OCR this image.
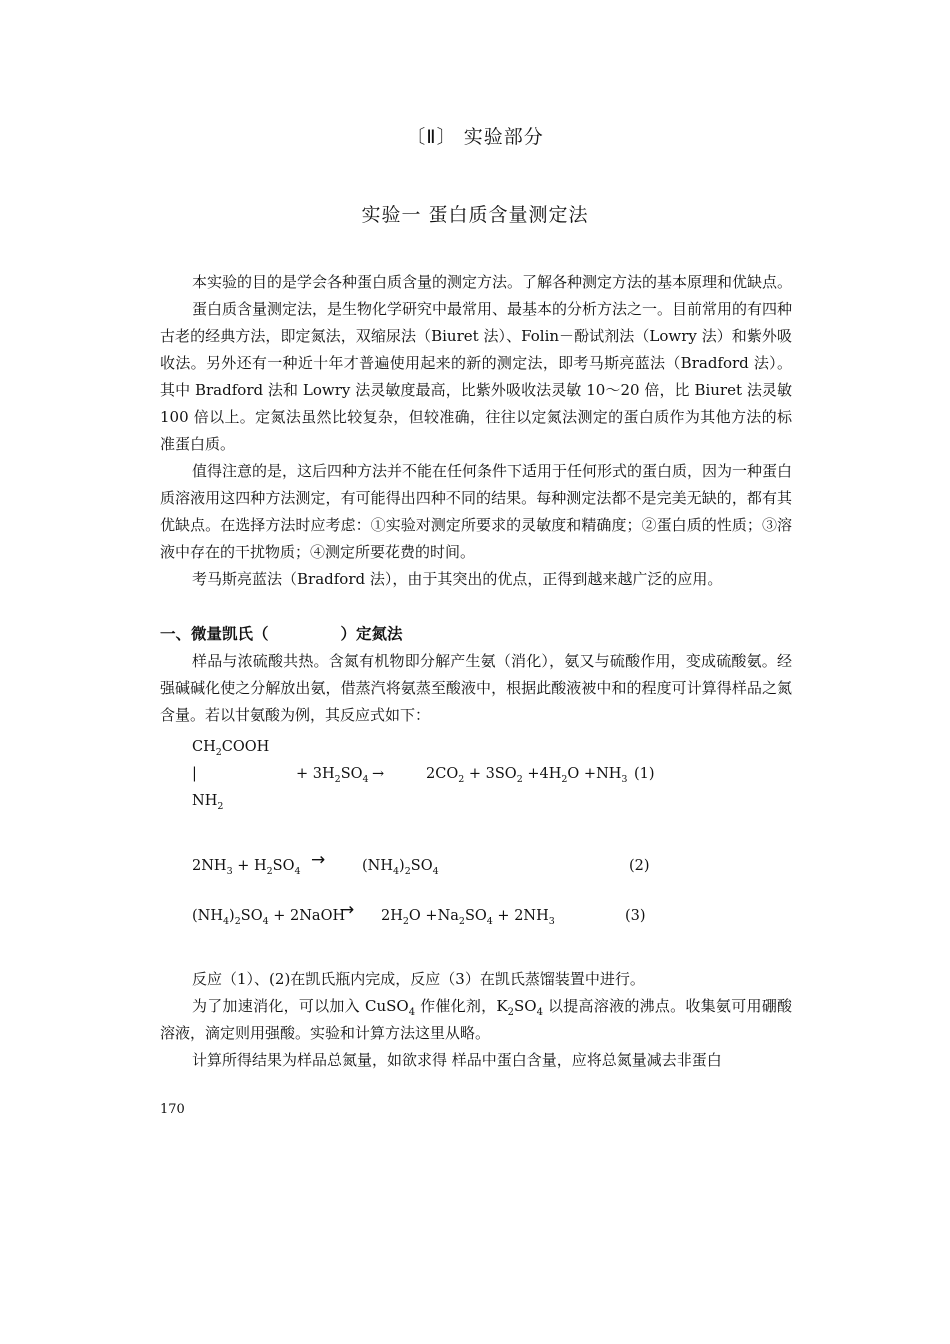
〔Ⅱ〕 实验部分
实验一 蛋白质含量测定法

本实验的目的是学会各种蛋白质含量的测定方法。了解各种测定方法的基本原理和优缺点。

蛋白质含量测定法，是生物化学研究中最常用、最基本的分析方法之一。目前常用的有四种古老的经典方法，即定氮法，双缩尿法（Biuret 法）、Folin－酚试剂法（Lowry 法）和紫外吸收法。另外还有一种近十年才普遍使用起来的新的测定法，即考马斯亮蓝法（Bradford 法）。其中 Bradford 法和 Lowry 法灵敏度最高，比紫外吸收法灵敏 10～20 倍，比 Biuret 法灵敏 100 倍以上。定氮法虽然比较复杂，但较准确，往往以定氮法测定的蛋白质作为其他方法的标准蛋白质。

值得注意的是，这后四种方法并不能在任何条件下适用于任何形式的蛋白质，因为一种蛋白质溶液用这四种方法测定，有可能得出四种不同的结果。每种测定法都不是完美无缺的，都有其优缺点。在选择方法时应考虑：①实验对测定所要求的灵敏度和精确度；②蛋白质的性质；③溶液中存在的干扰物质；④测定所要花费的时间。

考马斯亮蓝法（Bradford 法），由于其突出的优点，正得到越来越广泛的应用。

一、微量凯氏（	）定氮法

样品与浓硫酸共热。含氮有机物即分解产生氨（消化），氨又与硫酸作用，变成硫酸氨。经强碱碱化使之分解放出氨，借蒸汽将氨蒸至酸液中，根据此酸液被中和的程度可计算得样品之氮含量。若以甘氨酸为例，其反应式如下：

$CH_2COOH$
|
$NH_2$
+ $3H_2SO_4$ →	$2CO_2 + 3SO_2 +4H_2O +NH_3$ (1)
$2NH_3 + H_2SO_4$
→	$(NH_4)_2SO_4$	(2)
$(NH_4)_2SO_4$ + 2NaOH
→ $2H_2O +Na_2SO_4 + 2NH_3$	(3)

反应（1）、(2)在凯氏瓶内完成，反应（3）在凯氏蒸馏装置中进行。

为了加速消化，可以加入 CuSO$_4$ 作催化剂，$K_2SO_4$ 以提高溶液的沸点。收集氨可用硼酸溶液，滴定则用强酸。实验和计算方法这里从略。

计算所得结果为样品总氮量，如欲求得 样品中蛋白含量，应将总氮量减去非蛋白

170
